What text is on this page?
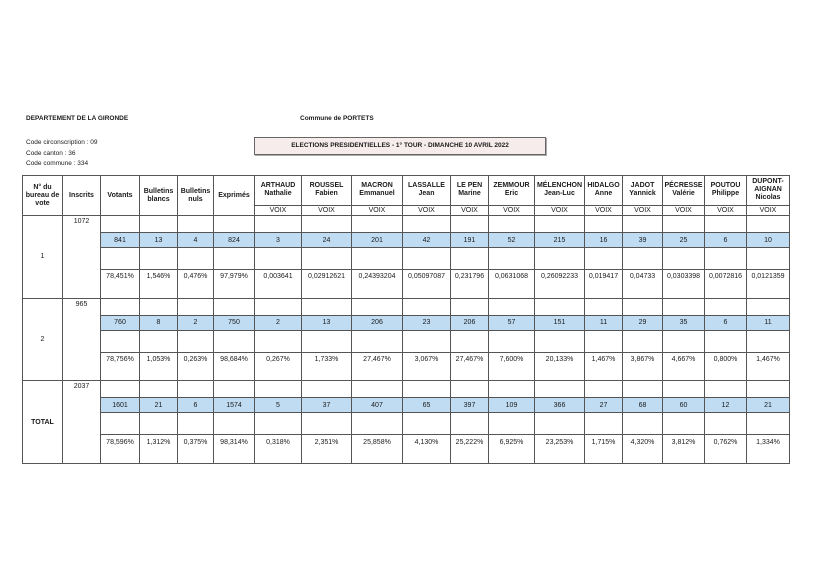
DEPARTEMENT DE LA GIRONDE	Commune de PORTETS
Code circonscription : 09
Code canton : 36
Code commune : 334
ELECTIONS PRESIDENTIELLES - 1° TOUR - DIMANCHE 10 AVRIL 2022
N° du bureau de vote	Inscrits	Votants	Bulletins blancs	Bulletins nuls	Exprimés	ARTHAUD Nathalie	ROUSSEL Fabien	MACRON Emmanuel	LASSALLE Jean	LE PEN Marine	ZEMMOUR Eric	MÉLENCHON Jean-Luc	HIDALGO Anne	JADOT Yannick	PÉCRESSE Valérie	POUTOU Philippe	DUPONT-AIGNAN Nicolas
						VOIX	VOIX	VOIX	VOIX	VOIX	VOIX	VOIX	VOIX	VOIX	VOIX	VOIX	VOIX
1	1072																
		841	13	4	824	3	24	201	42	191	52	215	16	39	25	6	10

		78,451%	1,546%	0,476%	97,979%	0,003641	0,02912621	0,24393204	0,05097087	0,231796	0,0631068	0,26092233	0,019417	0,04733	0,0303398	0,0072816	0,0121359

2	965																
		760	8	2	750	2	13	206	23	206	57	151	11	29	35	6	11

		78,756%	1,053%	0,263%	98,684%	0,267%	1,733%	27,467%	3,067%	27,467%	7,600%	20,133%	1,467%	3,867%	4,667%	0,800%	1,467%

TOTAL	2037																
		1601	21	6	1574	5	37	407	65	397	109	366	27	68	60	12	21

		78,596%	1,312%	0,375%	98,314%	0,318%	2,351%	25,858%	4,130%	25,222%	6,925%	23,253%	1,715%	4,320%	3,812%	0,762%	1,334%
